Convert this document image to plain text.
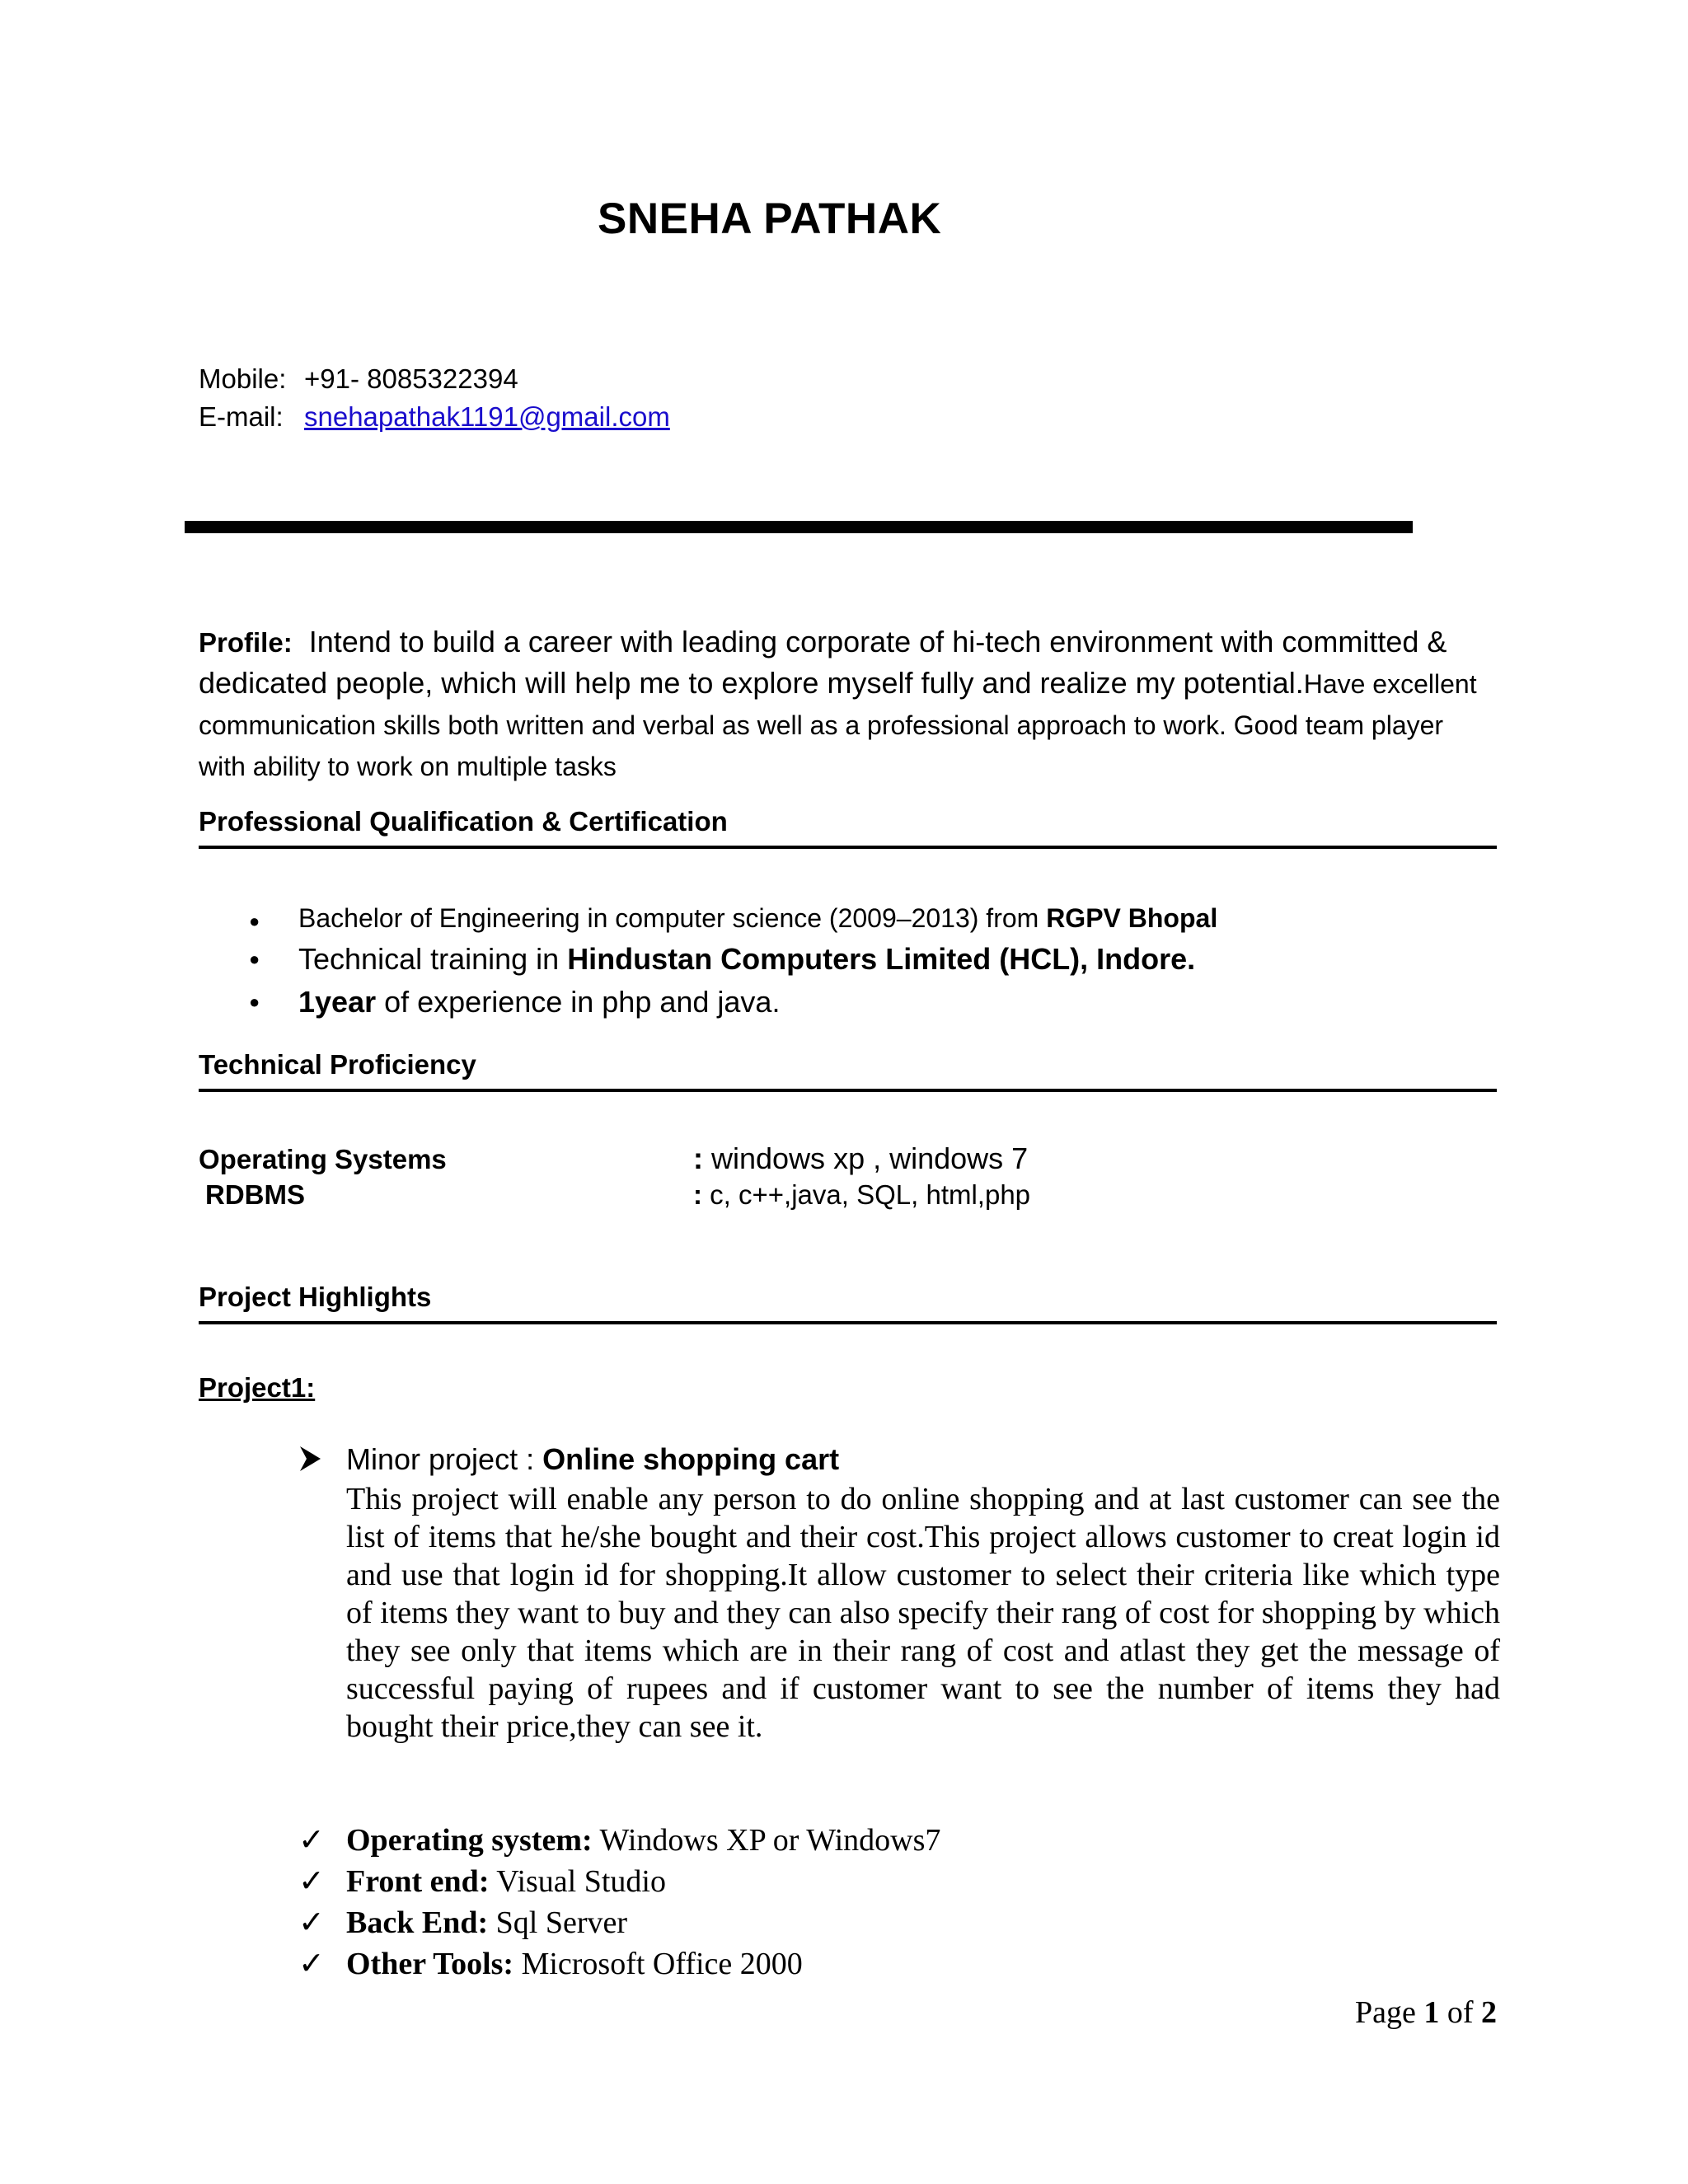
SNEHA PATHAK
Mobile: +91- 8085322394
E-mail: snehapathak1191@gmail.com
Profile: Intend to build a career with leading corporate of hi-tech environment with committed & dedicated people, which will help me to explore myself fully and realize my potential.Have excellent communication skills both written and verbal as well as a professional approach to work. Good team player with ability to work on multiple tasks
Professional Qualification & Certification
● Bachelor of Engineering in computer science (2009–2013) from RGPV Bhopal
● Technical training in Hindustan Computers Limited (HCL), Indore.
● 1year of experience in php and java.
Technical Proficiency
Operating Systems	: windows xp , windows 7
RDBMS	: c, c++,java, SQL, html,php
Project Highlights
Project1:
Minor project : Online shopping cart
This project will enable any person to do online shopping and at last customer can see the list of items that he/she bought and their cost.This project allows customer to creat login id and use that login id for shopping.It allow customer to select their criteria like which type of items they want to buy and they can also specify their rang of cost for shopping by which they see only that items which are in their rang of cost and atlast they get the message of successful paying of rupees and if customer want to see the number of items they had bought their price,they can see it.
✓ Operating system: Windows XP or Windows7
✓ Front end: Visual Studio
✓ Back End: Sql Server
✓ Other Tools: Microsoft Office 2000
Page 1 of 2
